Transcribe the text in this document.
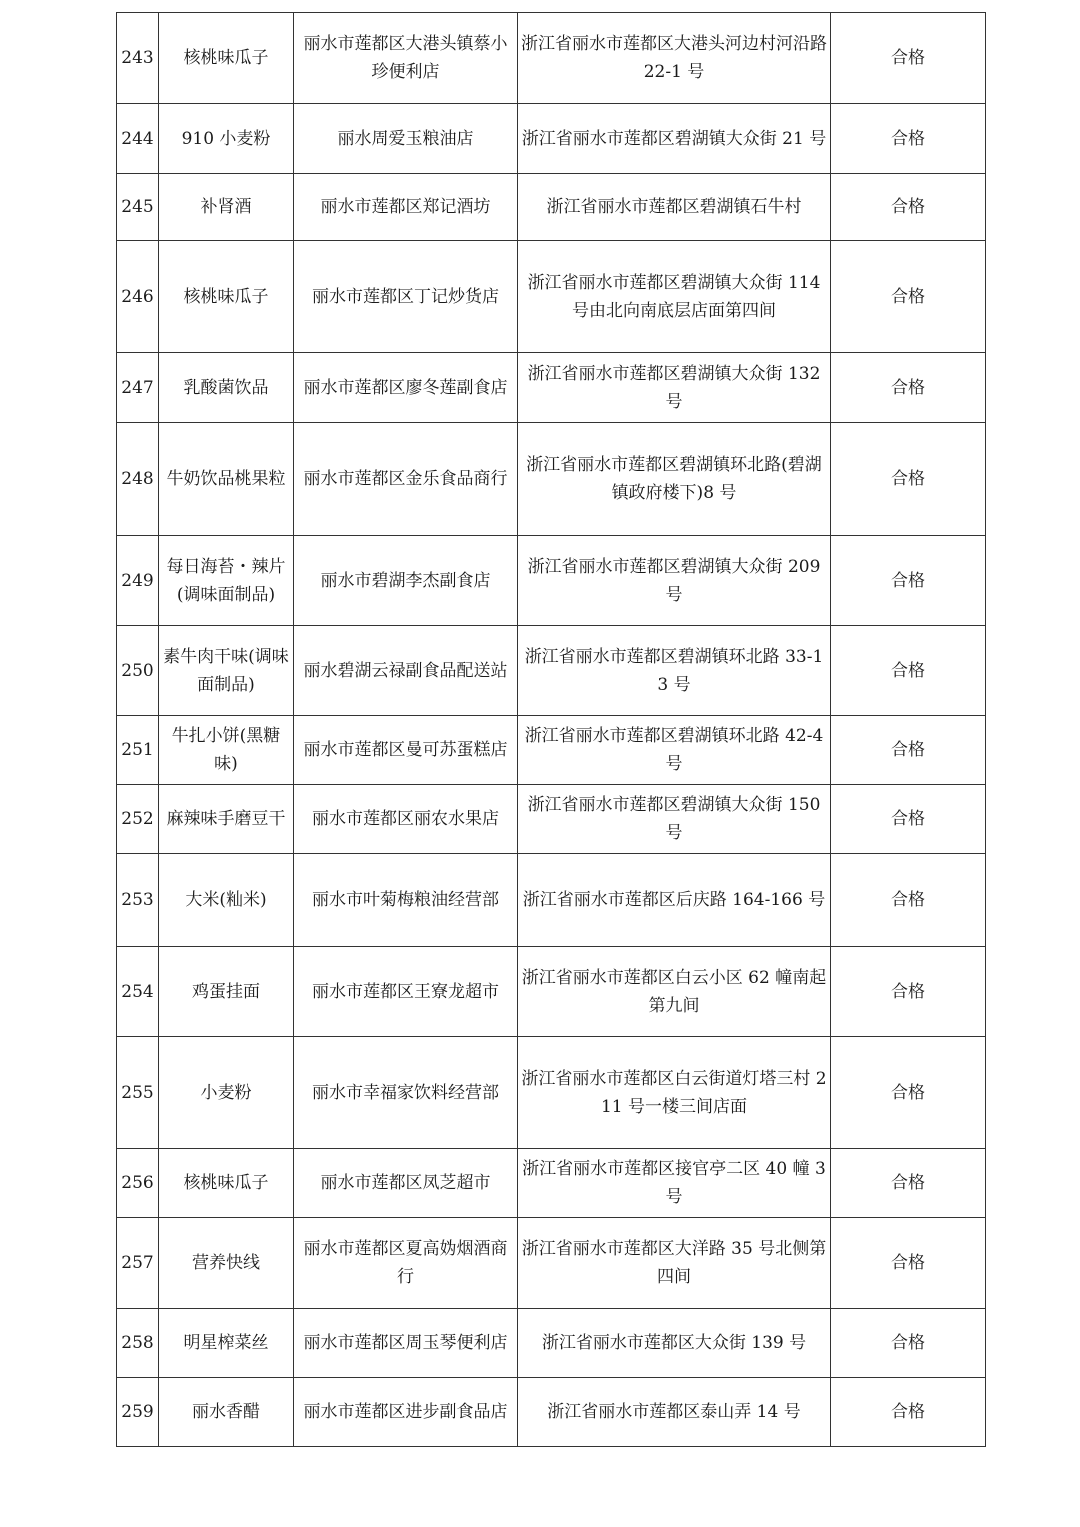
243	核桃味瓜子	丽水市莲都区大港头镇蔡小珍便利店	浙江省丽水市莲都区大港头河边村河沿路 22-1 号	合格
244	910 小麦粉	丽水周爱玉粮油店	浙江省丽水市莲都区碧湖镇大众街 21 号	合格
245	补肾酒	丽水市莲都区郑记酒坊	浙江省丽水市莲都区碧湖镇石牛村	合格
246	核桃味瓜子	丽水市莲都区丁记炒货店	浙江省丽水市莲都区碧湖镇大众街 114 号由北向南底层店面第四间	合格
247	乳酸菌饮品	丽水市莲都区廖冬莲副食店	浙江省丽水市莲都区碧湖镇大众街 132 号	合格
248	牛奶饮品桃果粒	丽水市莲都区金乐食品商行	浙江省丽水市莲都区碧湖镇环北路(碧湖镇政府楼下)8 号	合格
249	每日海苔・辣片(调味面制品)	丽水市碧湖李杰副食店	浙江省丽水市莲都区碧湖镇大众街 209 号	合格
250	素牛肉干味(调味面制品)	丽水碧湖云禄副食品配送站	浙江省丽水市莲都区碧湖镇环北路 33-13 号	合格
251	牛扎小饼(黑糖味)	丽水市莲都区曼可苏蛋糕店	浙江省丽水市莲都区碧湖镇环北路 42-4 号	合格
252	麻辣味手磨豆干	丽水市莲都区丽农水果店	浙江省丽水市莲都区碧湖镇大众街 150 号	合格
253	大米(籼米)	丽水市叶菊梅粮油经营部	浙江省丽水市莲都区后庆路 164-166 号	合格
254	鸡蛋挂面	丽水市莲都区王寮龙超市	浙江省丽水市莲都区白云小区 62 幢南起第九间	合格
255	小麦粉	丽水市幸福家饮料经营部	浙江省丽水市莲都区白云街道灯塔三村 211 号一楼三间店面	合格
256	核桃味瓜子	丽水市莲都区凤芝超市	浙江省丽水市莲都区接官亭二区 40 幢 3 号	合格
257	营养快线	丽水市莲都区夏高妫烟酒商行	浙江省丽水市莲都区大洋路 35 号北侧第四间	合格
258	明星榨菜丝	丽水市莲都区周玉琴便利店	浙江省丽水市莲都区大众街 139 号	合格
259	丽水香醋	丽水市莲都区进步副食品店	浙江省丽水市莲都区泰山弄 14 号	合格
